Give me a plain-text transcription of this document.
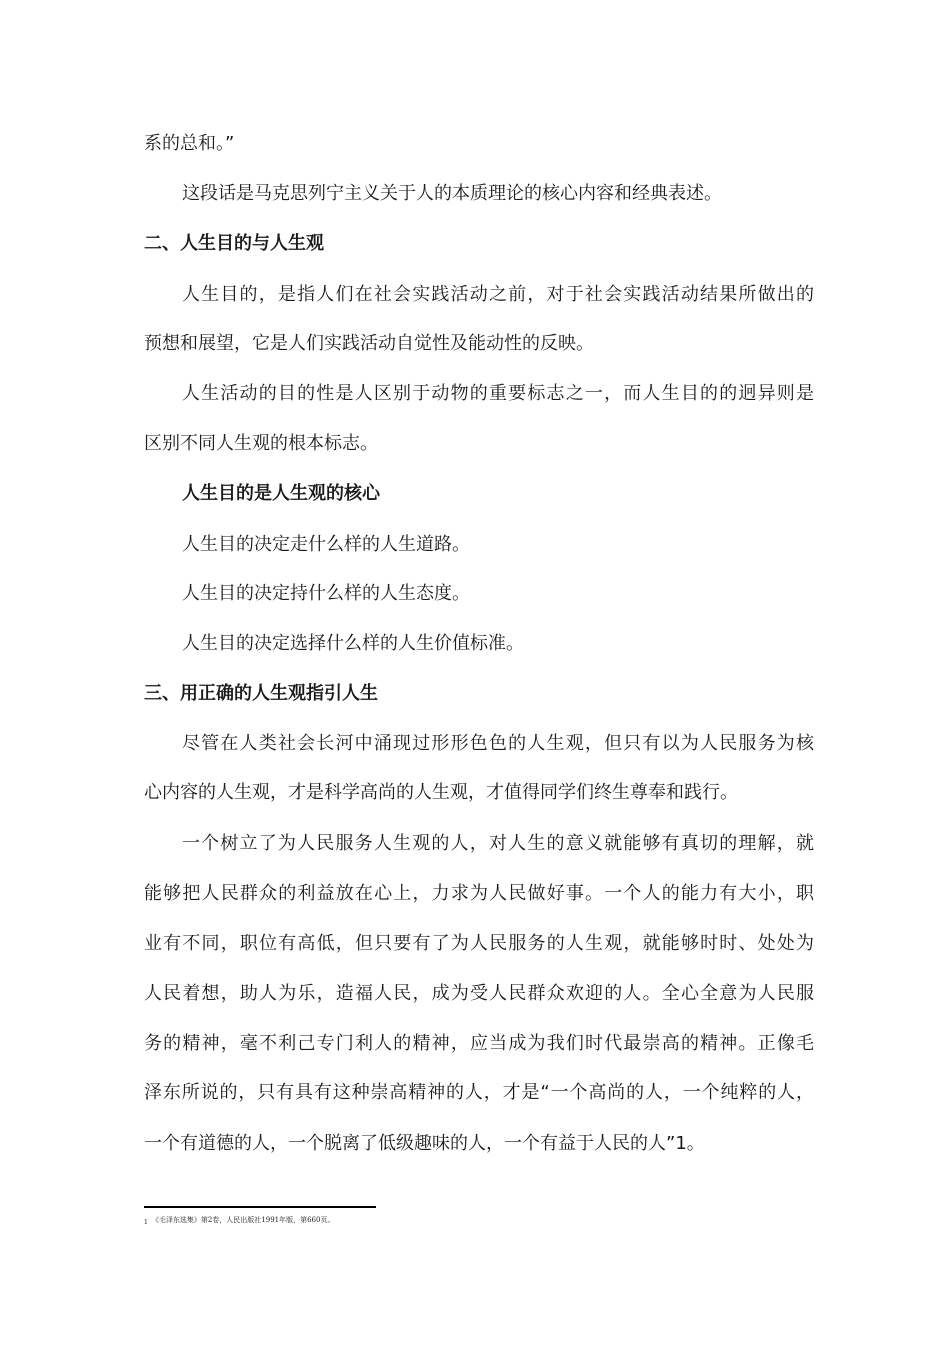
系的总和。”
这段话是马克思列宁主义关于人的本质理论的核心内容和经典表述。
二、人生目的与人生观
人生目的，是指人们在社会实践活动之前，对于社会实践活动结果所做出的
预想和展望，它是人们实践活动自觉性及能动性的反映。
人生活动的目的性是人区别于动物的重要标志之一，而人生目的的迥异则是
区别不同人生观的根本标志。
人生目的是人生观的核心
人生目的决定走什么样的人生道路。
人生目的决定持什么样的人生态度。
人生目的决定选择什么样的人生价值标准。
三、用正确的人生观指引人生
尽管在人类社会长河中涌现过形形色色的人生观，但只有以为人民服务为核
心内容的人生观，才是科学高尚的人生观，才值得同学们终生尊奉和践行。
一个树立了为人民服务人生观的人，对人生的意义就能够有真切的理解，就
能够把人民群众的利益放在心上，力求为人民做好事。一个人的能力有大小，职
业有不同，职位有高低，但只要有了为人民服务的人生观，就能够时时、处处为
人民着想，助人为乐，造福人民，成为受人民群众欢迎的人。全心全意为人民服
务的精神，毫不利己专门利人的精神，应当成为我们时代最崇高的精神。正像毛
泽东所说的，只有具有这种崇高精神的人，才是“一个高尚的人，一个纯粹的人，
一个有道德的人，一个脱离了低级趣味的人，一个有益于人民的人”1。
1 《毛泽东选集》第2卷，人民出版社1991年版，第660页。
